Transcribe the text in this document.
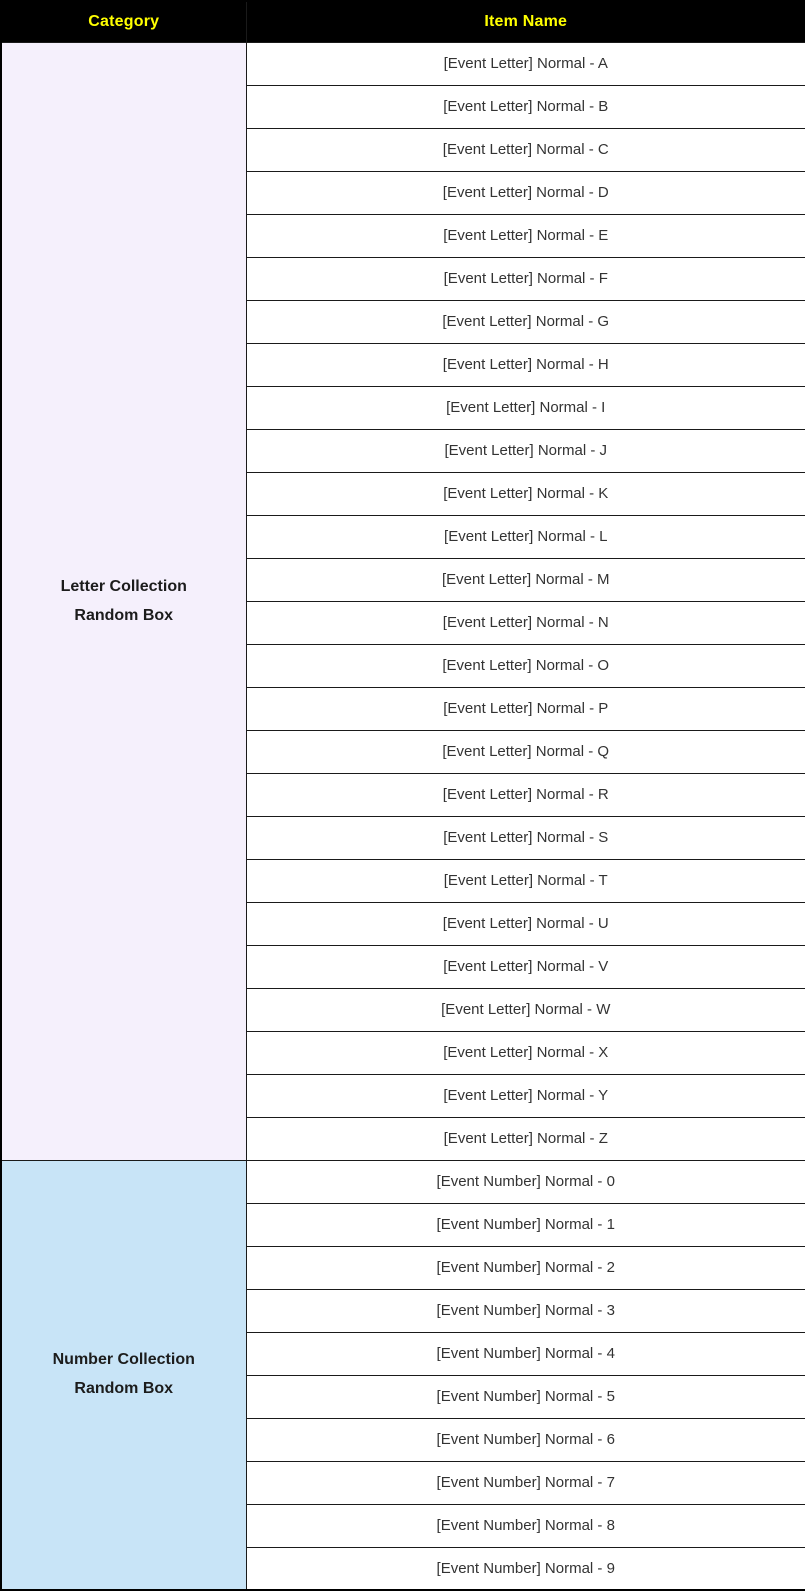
Category	Item Name

Letter Collection
Random Box	[Event Letter] Normal - A
	[Event Letter] Normal - B
	[Event Letter] Normal - C
	[Event Letter] Normal - D
	[Event Letter] Normal - E
	[Event Letter] Normal - F
	[Event Letter] Normal - G
	[Event Letter] Normal - H
	[Event Letter] Normal - I
	[Event Letter] Normal - J
	[Event Letter] Normal - K
	[Event Letter] Normal - L
	[Event Letter] Normal - M
	[Event Letter] Normal - N
	[Event Letter] Normal - O
	[Event Letter] Normal - P
	[Event Letter] Normal - Q
	[Event Letter] Normal - R
	[Event Letter] Normal - S
	[Event Letter] Normal - T
	[Event Letter] Normal - U
	[Event Letter] Normal - V
	[Event Letter] Normal - W
	[Event Letter] Normal - X
	[Event Letter] Normal - Y
	[Event Letter] Normal - Z

Number Collection
Random Box	[Event Number] Normal - 0
	[Event Number] Normal - 1
	[Event Number] Normal - 2
	[Event Number] Normal - 3
	[Event Number] Normal - 4
	[Event Number] Normal - 5
	[Event Number] Normal - 6
	[Event Number] Normal - 7
	[Event Number] Normal - 8
	[Event Number] Normal - 9
